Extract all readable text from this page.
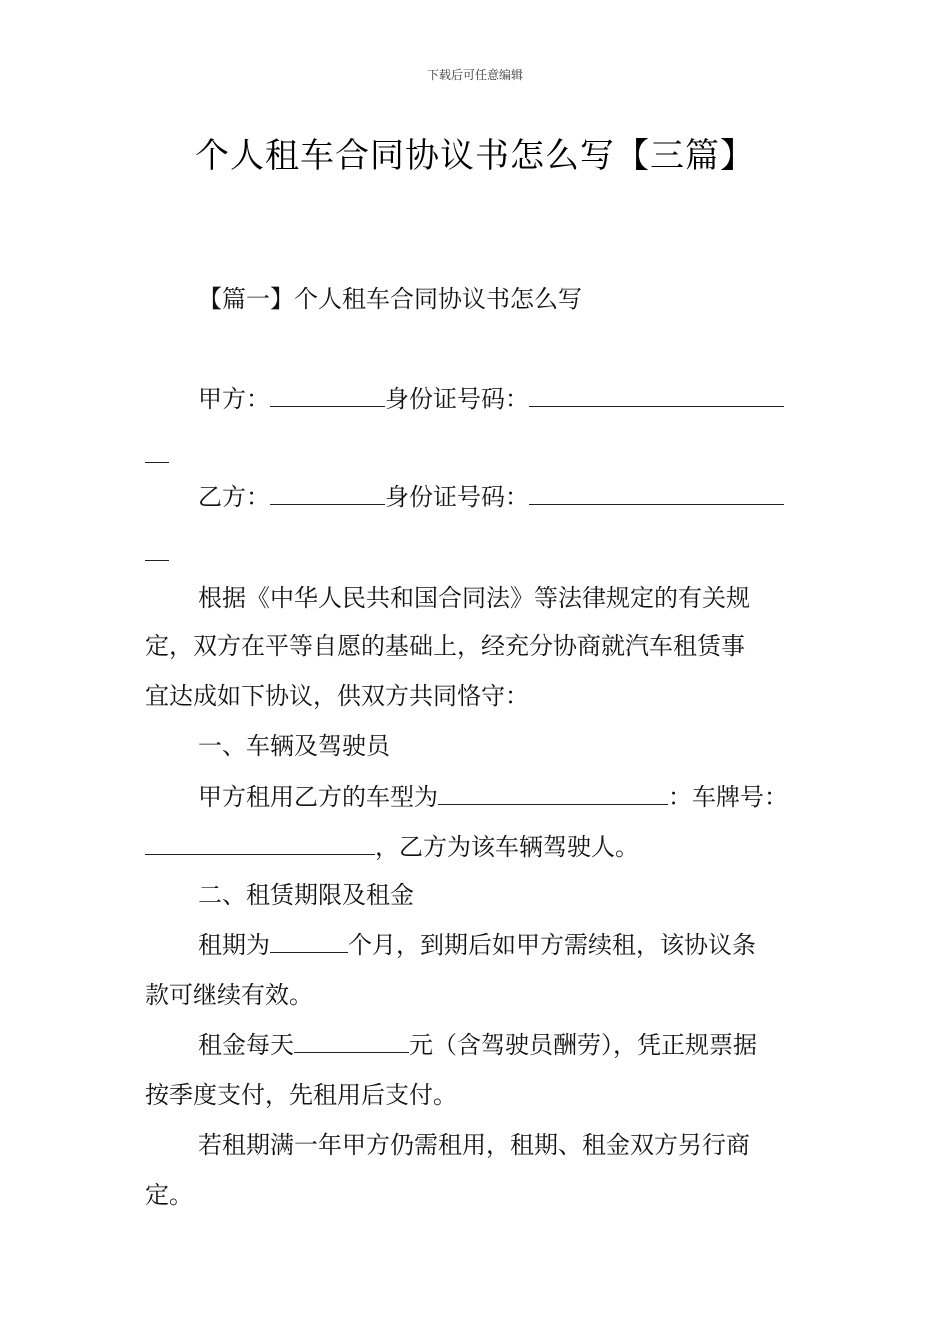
下载后可任意编辑
个人租车合同协议书怎么写【三篇】
【篇一】个人租车合同协议书怎么写
甲方：	身份证号码：
乙方：	身份证号码：
根据《中华人民共和国合同法》等法律规定的有关规
定，双方在平等自愿的基础上，经充分协商就汽车租赁事
宜达成如下协议，供双方共同恪守：
一、车辆及驾驶员
甲方租用乙方的车型为	：车牌号：
，乙方为该车辆驾驶人。
二、租赁期限及租金
租期为	个月，到期后如甲方需续租，该协议条
款可继续有效。
租金每天	元（含驾驶员酬劳），凭正规票据
按季度支付，先租用后支付。
若租期满一年甲方仍需租用，租期、租金双方另行商
定。
